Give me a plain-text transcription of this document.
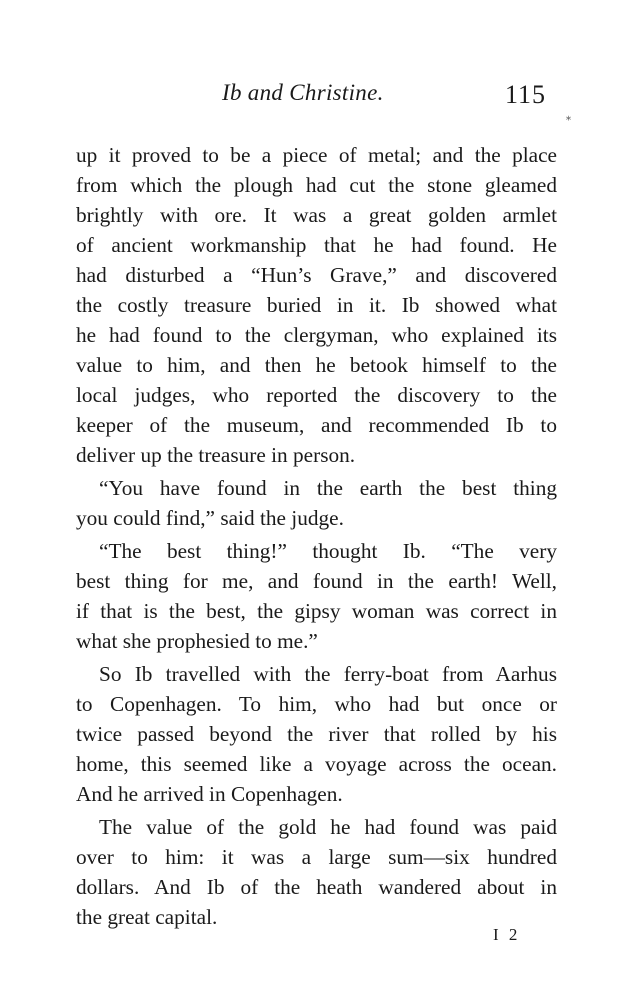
Ib and Christine.	115
up it proved to be a piece of metal; and the place
from which the plough had cut the stone gleamed
brightly with ore. It was a great golden armlet
of ancient workmanship that he had found. He
had disturbed a “Hun’s Grave,” and discovered
the costly treasure buried in it. Ib showed what
he had found to the clergyman, who explained its
value to him, and then he betook himself to the
local judges, who reported the discovery to the
keeper of the museum, and recommended Ib to
deliver up the treasure in person.
“You have found in the earth the best thing
you could find,” said the judge.
“The best thing!” thought Ib. “The very
best thing for me, and found in the earth! Well,
if that is the best, the gipsy woman was correct in
what she prophesied to me.”
So Ib travelled with the ferry-boat from Aarhus
to Copenhagen. To him, who had but once or
twice passed beyond the river that rolled by his
home, this seemed like a voyage across the ocean.
And he arrived in Copenhagen.
The value of the gold he had found was paid
over to him: it was a large sum—six hundred
dollars. And Ib of the heath wandered about in
the great capital.
I 2
⁎
